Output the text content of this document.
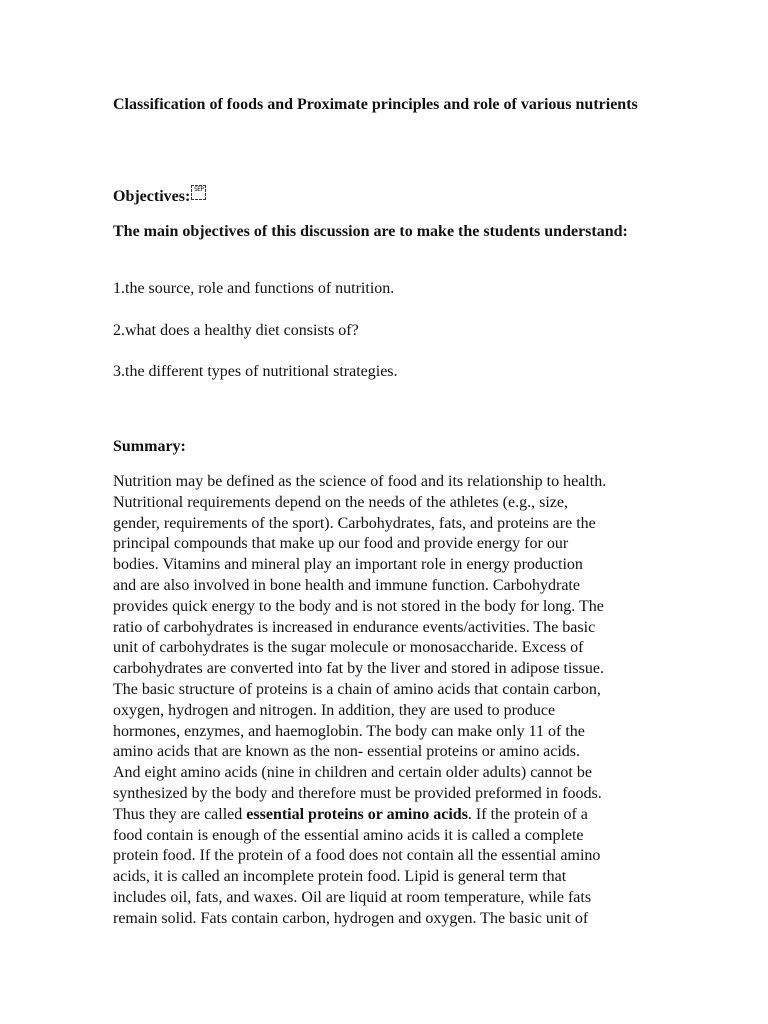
Classification of foods and Proximate principles and role of various nutrients
Objectives: SEP
The main objectives of this discussion are to make the students understand:
1.the source, role and functions of nutrition.
2.what does a healthy diet consists of?
3.the different types of nutritional strategies.
Summary:
Nutrition may be defined as the science of food and its relationship to health.
Nutritional requirements depend on the needs of the athletes (e.g., size,
gender, requirements of the sport). Carbohydrates, fats, and proteins are the
principal compounds that make up our food and provide energy for our
bodies. Vitamins and mineral play an important role in energy production
and are also involved in bone health and immune function. Carbohydrate
provides quick energy to the body and is not stored in the body for long. The
ratio of carbohydrates is increased in endurance events/activities. The basic
unit of carbohydrates is the sugar molecule or monosaccharide. Excess of
carbohydrates are converted into fat by the liver and stored in adipose tissue.
The basic structure of proteins is a chain of amino acids that contain carbon,
oxygen, hydrogen and nitrogen. In addition, they are used to produce
hormones, enzymes, and haemoglobin. The body can make only 11 of the
amino acids that are known as the non- essential proteins or amino acids.
And eight amino acids (nine in children and certain older adults) cannot be
synthesized by the body and therefore must be provided preformed in foods.
Thus they are called essential proteins or amino acids. If the protein of a
food contain is enough of the essential amino acids it is called a complete
protein food. If the protein of a food does not contain all the essential amino
acids, it is called an incomplete protein food. Lipid is general term that
includes oil, fats, and waxes. Oil are liquid at room temperature, while fats
remain solid. Fats contain carbon, hydrogen and oxygen. The basic unit of
